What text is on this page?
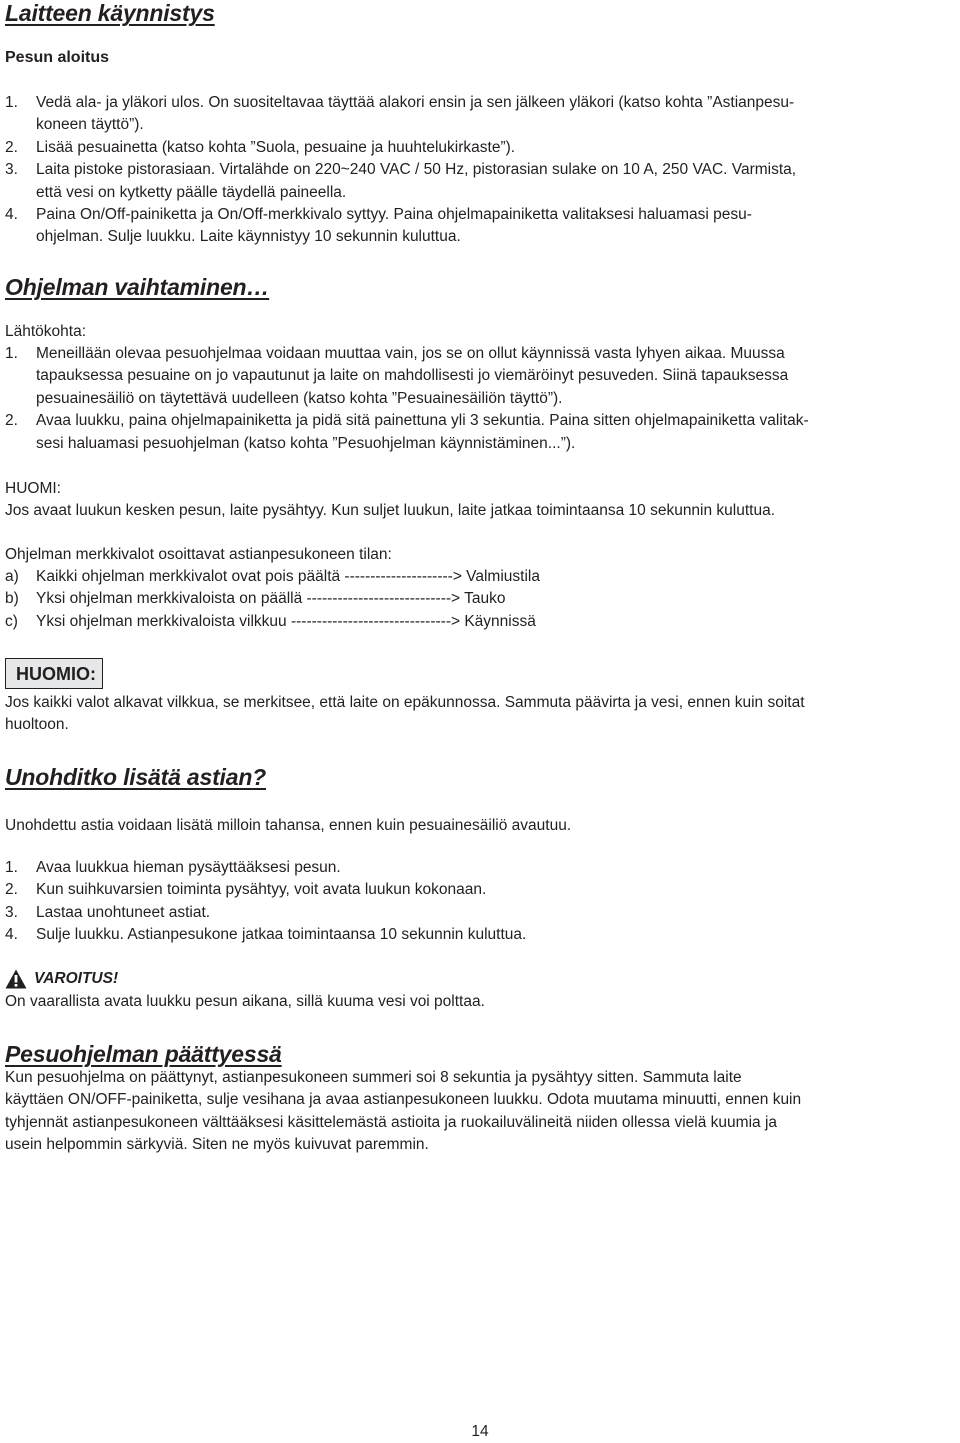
Laitteen käynnistys
Pesun aloitus
1.	Vedä ala- ja yläkori ulos. On suositeltavaa täyttää alakori ensin ja sen jälkeen yläkori (katso kohta ”Astianpesu-
koneen täyttö”).
2.	Lisää pesuainetta (katso kohta ”Suola, pesuaine ja huuhtelukirkaste”).
3.	Laita pistoke pistorasiaan. Virtalähde on 220~240 VAC / 50 Hz, pistorasian sulake on 10 A, 250 VAC. Varmista,
että vesi on kytketty päälle täydellä paineella.
4.	Paina On/Off-painiketta ja On/Off-merkkivalo syttyy. Paina ohjelmapainiketta valitaksesi haluamasi pesu-
ohjelman. Sulje luukku. Laite käynnistyy 10 sekunnin kuluttua.
Ohjelman vaihtaminen…
Lähtökohta:
1.	Meneillään olevaa pesuohjelmaa voidaan muuttaa vain, jos se on ollut käynnissä vasta lyhyen aikaa. Muussa
tapauksessa pesuaine on jo vapautunut ja laite on mahdollisesti jo viemäröinyt pesuveden. Siinä tapauksessa
pesuainesäiliö on täytettävä uudelleen (katso kohta ”Pesuainesäiliön täyttö”).
2.	Avaa luukku, paina ohjelmapainiketta ja pidä sitä painettuna yli 3 sekuntia. Paina sitten ohjelmapainiketta valitak-
sesi haluamasi pesuohjelman (katso kohta ”Pesuohjelman käynnistäminen...”).
HUOMI:
Jos avaat luukun kesken pesun, laite pysähtyy. Kun suljet luukun, laite jatkaa toimintaansa 10 sekunnin kuluttua.
Ohjelman merkkivalot osoittavat astianpesukoneen tilan:
a)	Kaikki ohjelman merkkivalot ovat pois päältä ---------------------> Valmiustila
b)	Yksi ohjelman merkkivaloista on päällä ----------------------------> Tauko
c)	Yksi ohjelman merkkivaloista vilkkuu -------------------------------> Käynnissä
HUOMIO:
Jos kaikki valot alkavat vilkkua, se merkitsee, että laite on epäkunnossa. Sammuta päävirta ja vesi, ennen kuin soitat
huoltoon.
Unohditko lisätä astian?
Unohdettu astia voidaan lisätä milloin tahansa, ennen kuin pesuainesäiliö avautuu.
1.	Avaa luukkua hieman pysäyttääksesi pesun.
2.	Kun suihkuvarsien toiminta pysähtyy, voit avata luukun kokonaan.
3.	Lastaa unohtuneet astiat.
4.	Sulje luukku. Astianpesukone jatkaa toimintaansa 10 sekunnin kuluttua.
VAROITUS!
On vaarallista avata luukku pesun aikana, sillä kuuma vesi voi polttaa.
Pesuohjelman päättyessä
Kun pesuohjelma on päättynyt, astianpesukoneen summeri soi 8 sekuntia ja pysähtyy sitten. Sammuta laite
käyttäen ON/OFF-painiketta, sulje vesihana ja avaa astianpesukoneen luukku. Odota muutama minuutti, ennen kuin
tyhjennät astianpesukoneen välttääksesi käsittelemästä astioita ja ruokailuvälineitä niiden ollessa vielä kuumia ja
usein helpommin särkyviä. Siten ne myös kuivuvat paremmin.
14
